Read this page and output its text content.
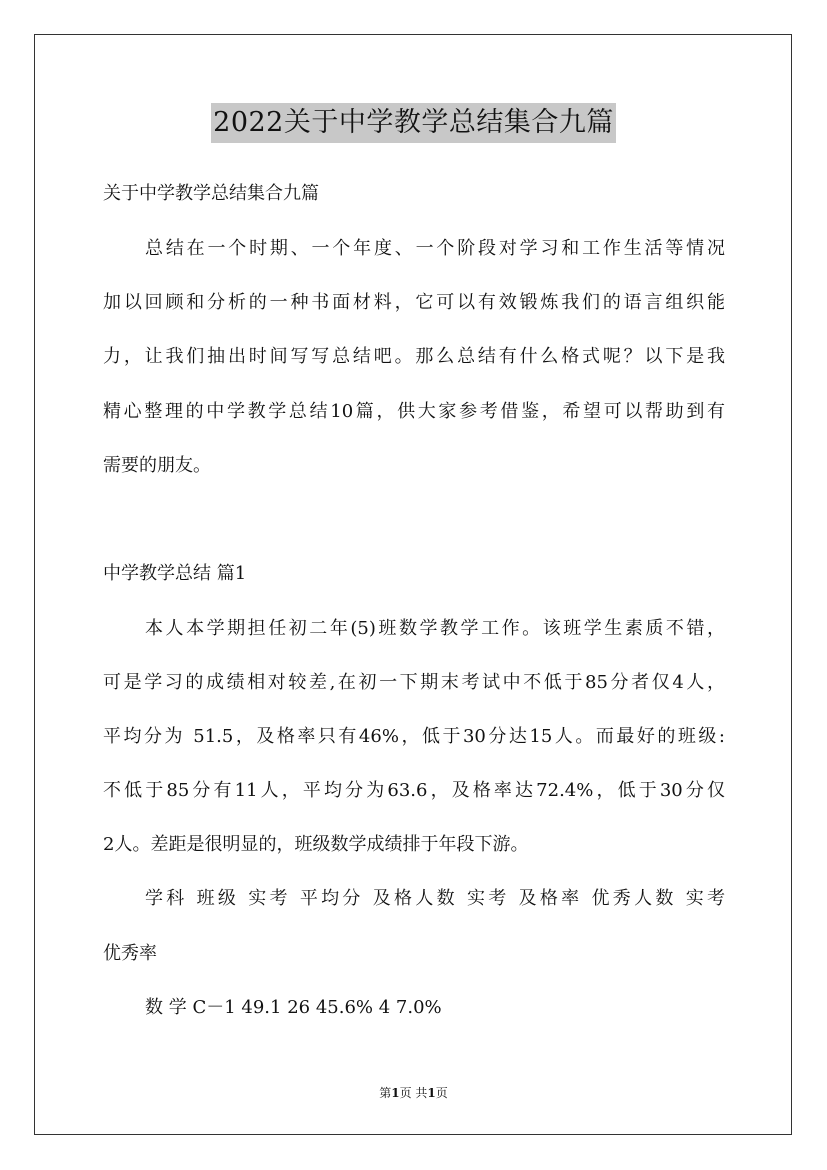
2022关于中学教学总结集合九篇
关于中学教学总结集合九篇
总结在一个时期、一个年度、一个阶段对学习和工作生活等情况
加以回顾和分析的一种书面材料，它可以有效锻炼我们的语言组织能
力，让我们抽出时间写写总结吧。那么总结有什么格式呢？以下是我
精心整理的中学教学总结10篇，供大家参考借鉴，希望可以帮助到有
需要的朋友。
中学教学总结 篇1
本人本学期担任初二年(5)班数学教学工作。该班学生素质不错，
可是学习的成绩相对较差,在初一下期末考试中不低于85分者仅4人，
平均分为 51.5，及格率只有46%，低于30分达15人。而最好的班级:
不低于85分有11人，平均分为63.6，及格率达72.4%，低于30分仅
2人。差距是很明显的，班级数学成绩排于年段下游。
学科 班级 实考 平均分 及格人数 实考 及格率 优秀人数 实考
优秀率
数 学 C－1 49.1 26 45.6% 4 7.0%
第1页 共1页
